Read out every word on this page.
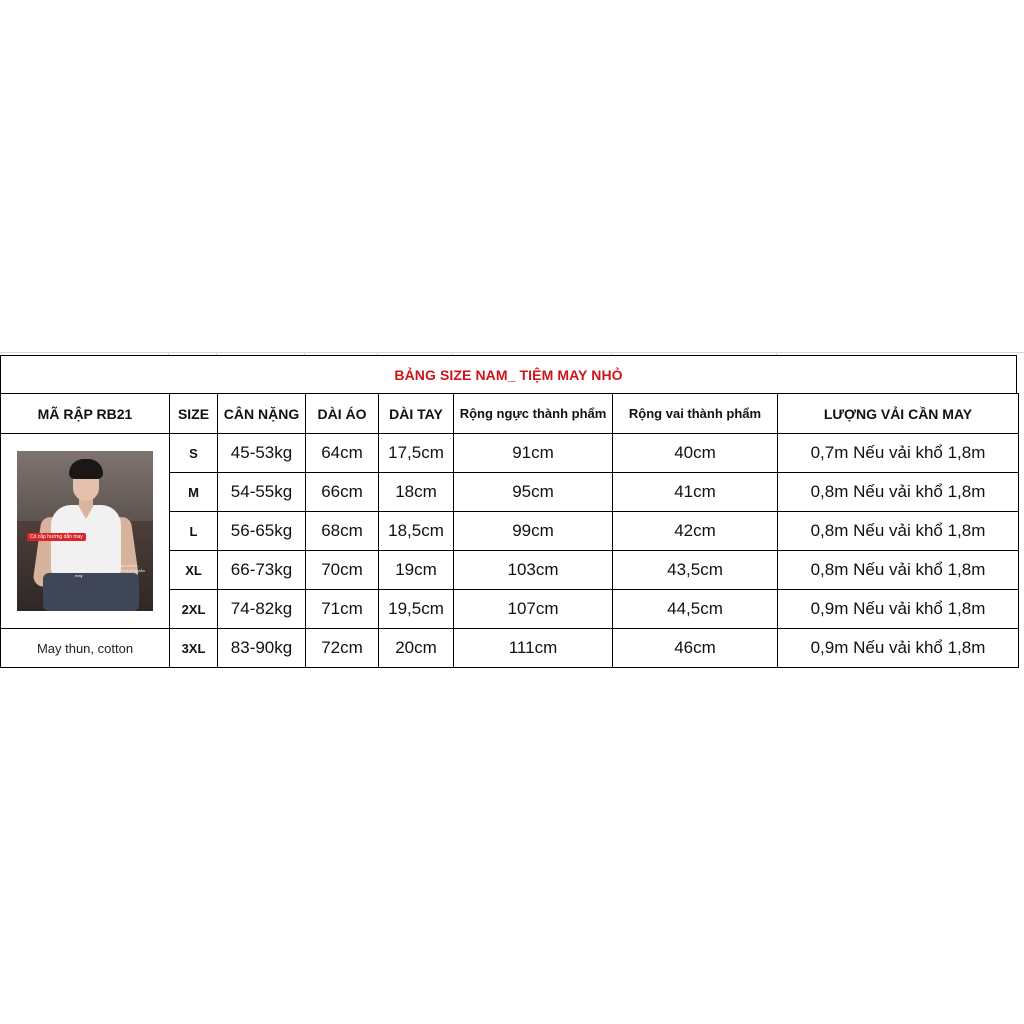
BẢNG SIZE NAM_ TIỆM MAY NHỎ
MÃ RẬP RB21	SIZE	CÂN NẶNG	DÀI ÁO	DÀI TAY	Rộng ngực thành phẩm	Rộng vai thành phẩm	LƯỢNG VẢI CẦN MAY

Có cắp hướng dẫn may
RB21- Rập gấp may áo thun cổ tim Size : S-3XL Tiệm may nhỏ Hướng dẫn may	S	45-53kg	64cm	17,5cm	91cm	40cm	0,7m Nếu vải khổ 1,8m
	M	54-55kg	66cm	18cm	95cm	41cm	0,8m Nếu vải khổ 1,8m
	L	56-65kg	68cm	18,5cm	99cm	42cm	0,8m Nếu vải khổ 1,8m
	XL	66-73kg	70cm	19cm	103cm	43,5cm	0,8m Nếu vải khổ 1,8m
	2XL	74-82kg	71cm	19,5cm	107cm	44,5cm	0,9m Nếu vải khổ 1,8m
May thun, cotton	3XL	83-90kg	72cm	20cm	111cm	46cm	0,9m Nếu vải khổ 1,8m
